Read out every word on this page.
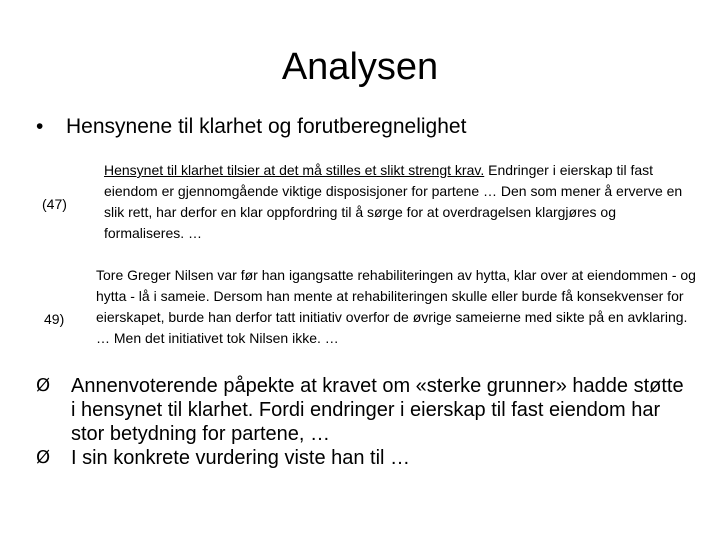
Analysen
• Hensynene til klarhet og forutberegnelighet
(47)
Hensynet til klarhet tilsier at det må stilles et slikt strengt krav. Endringer i eierskap til fast eiendom er gjennomgående viktige disposisjoner for partene … Den som mener å erverve en slik rett, har derfor en klar oppfordring til å sørge for at overdragelsen klargjøres og formaliseres. …
49)
Tore Greger Nilsen var før han igangsatte rehabiliteringen av hytta, klar over at eiendommen - og hytta - lå i sameie. Dersom han mente at rehabiliteringen skulle eller burde få konsekvenser for eierskapet, burde han derfor tatt initiativ overfor de øvrige sameierne med sikte på en avklaring. … Men det initiativet tok Nilsen ikke. …
Ø Annenvoterende påpekte at kravet om «sterke grunner» hadde støtte i hensynet til klarhet. Fordi endringer i eierskap til fast eiendom har stor betydning for partene, …
Ø I sin konkrete vurdering viste han til …
